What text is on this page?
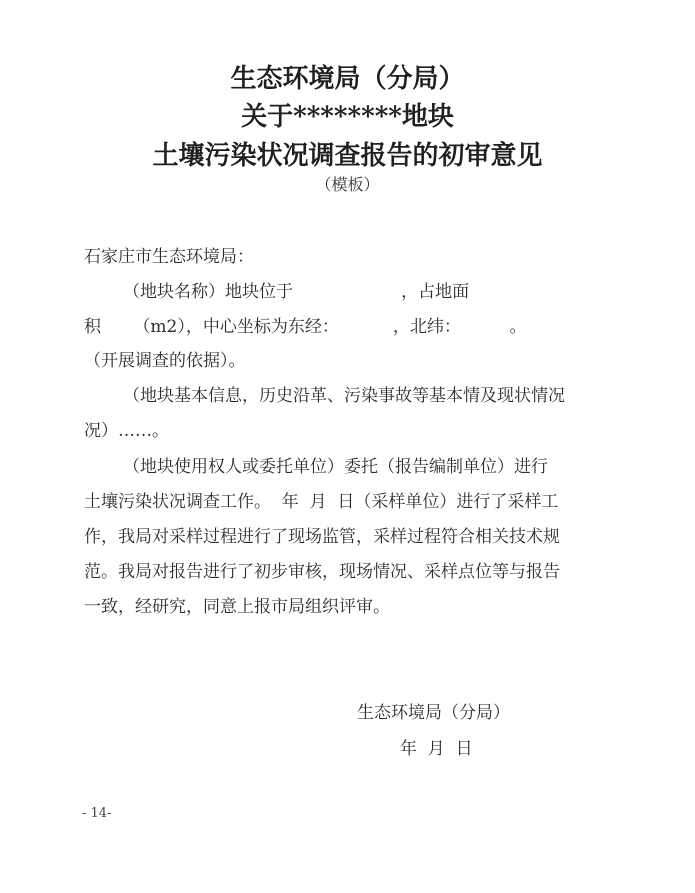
生态环境局（分局）
关于********地块
土壤污染状况调查报告的初审意见
（模板）
石家庄市生态环境局：
（地块名称）地块位于                    ，占地面
积      （m2），中心坐标为东经：          ，北纬：         。
（开展调查的依据）。
（地块基本信息，历史沿革、污染事故等基本情及现状情况
况）……。
（地块使用权人或委托单位）委托（报告编制单位）进行
土壤污染状况调查工作。  年  月  日（采样单位）进行了采样工
作，我局对采样过程进行了现场监管，采样过程符合相关技术规
范。我局对报告进行了初步审核，现场情况、采样点位等与报告
一致，经研究，同意上报市局组织评审。
生态环境局（分局）
年  月  日
- 14-
